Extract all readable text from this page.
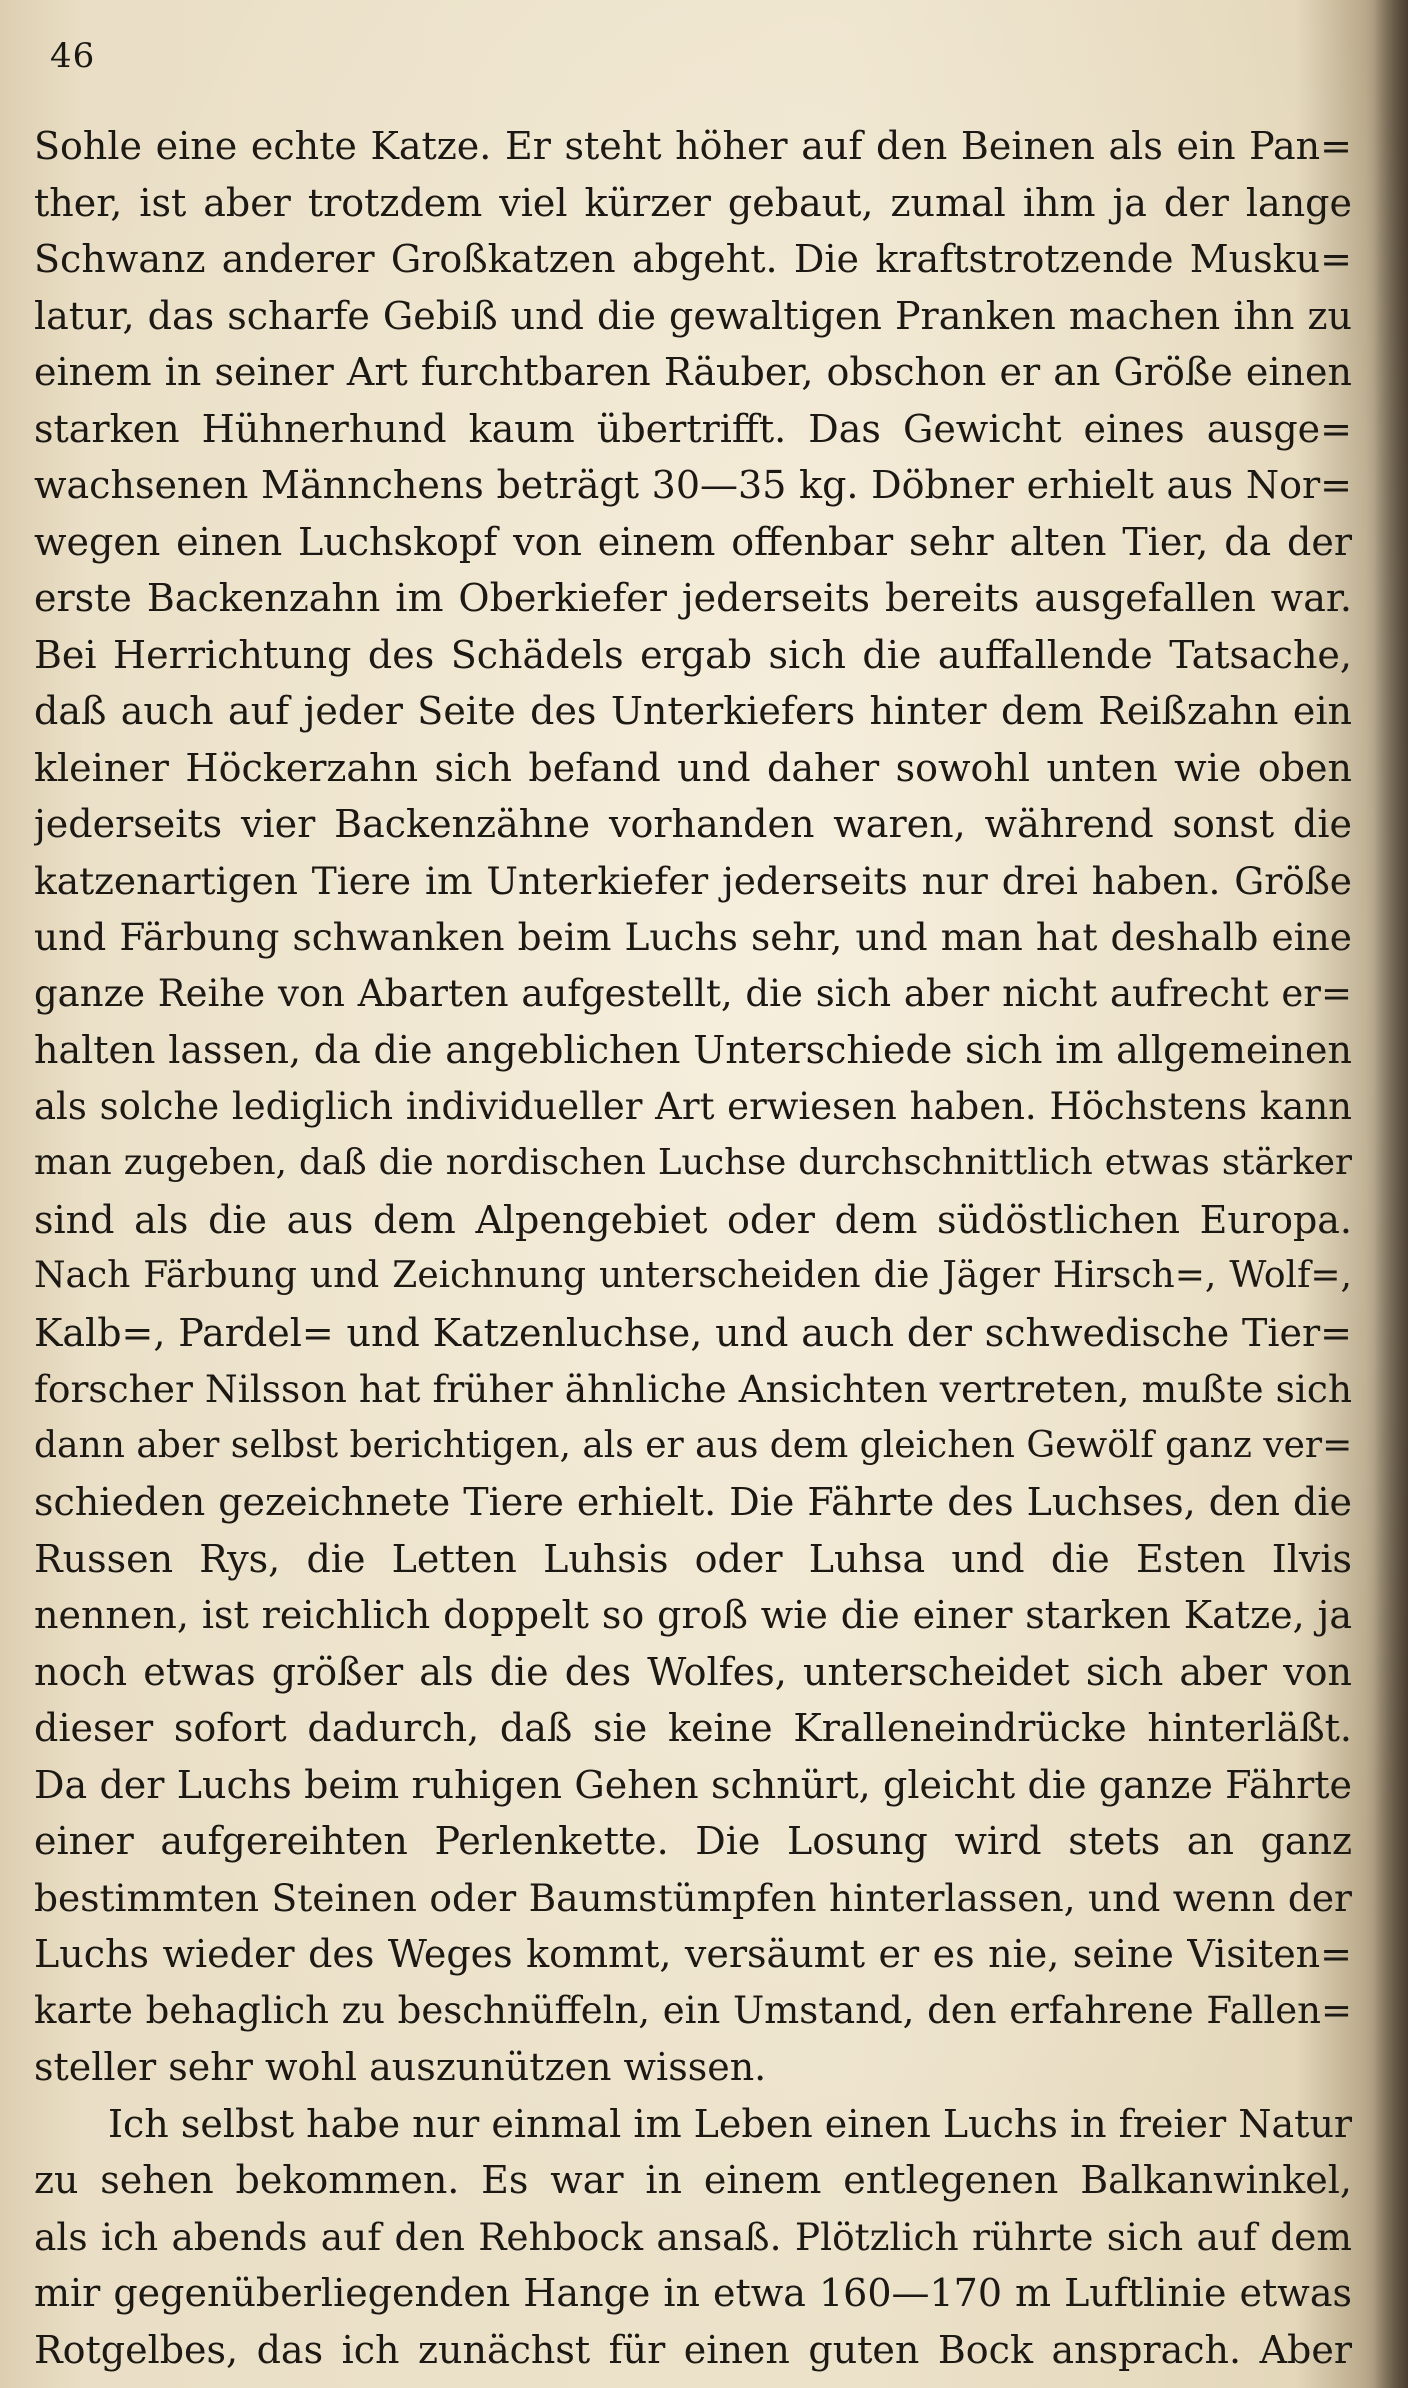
46
Sohle eine echte Katze. Er steht höher auf den Beinen als ein Pan=
ther, ist aber trotzdem viel kürzer gebaut, zumal ihm ja der lange
Schwanz anderer Großkatzen abgeht. Die kraftstrotzende Musku=
latur, das scharfe Gebiß und die gewaltigen Pranken machen ihn zu
einem in seiner Art furchtbaren Räuber, obschon er an Größe einen
starken Hühnerhund kaum übertrifft. Das Gewicht eines ausge=
wachsenen Männchens beträgt 30—35 kg. Döbner erhielt aus Nor=
wegen einen Luchskopf von einem offenbar sehr alten Tier, da der
erste Backenzahn im Oberkiefer jederseits bereits ausgefallen war.
Bei Herrichtung des Schädels ergab sich die auffallende Tatsache,
daß auch auf jeder Seite des Unterkiefers hinter dem Reißzahn ein
kleiner Höckerzahn sich befand und daher sowohl unten wie oben
jederseits vier Backenzähne vorhanden waren, während sonst die
katzenartigen Tiere im Unterkiefer jederseits nur drei haben. Größe
und Färbung schwanken beim Luchs sehr, und man hat deshalb eine
ganze Reihe von Abarten aufgestellt, die sich aber nicht aufrecht er=
halten lassen, da die angeblichen Unterschiede sich im allgemeinen
als solche lediglich individueller Art erwiesen haben. Höchstens kann
man zugeben, daß die nordischen Luchse durchschnittlich etwas stärker
sind als die aus dem Alpengebiet oder dem südöstlichen Europa.
Nach Färbung und Zeichnung unterscheiden die Jäger Hirsch=, Wolf=,
Kalb=, Pardel= und Katzenluchse, und auch der schwedische Tier=
forscher Nilsson hat früher ähnliche Ansichten vertreten, mußte sich
dann aber selbst berichtigen, als er aus dem gleichen Gewölf ganz ver=
schieden gezeichnete Tiere erhielt. Die Fährte des Luchses, den die
Russen Rys, die Letten Luhsis oder Luhsa und die Esten Ilvis
nennen, ist reichlich doppelt so groß wie die einer starken Katze, ja
noch etwas größer als die des Wolfes, unterscheidet sich aber von
dieser sofort dadurch, daß sie keine Kralleneindrücke hinterläßt.
Da der Luchs beim ruhigen Gehen schnürt, gleicht die ganze Fährte
einer aufgereihten Perlenkette. Die Losung wird stets an ganz
bestimmten Steinen oder Baumstümpfen hinterlassen, und wenn der
Luchs wieder des Weges kommt, versäumt er es nie, seine Visiten=
karte behaglich zu beschnüffeln, ein Umstand, den erfahrene Fallen=
steller sehr wohl auszunützen wissen.
Ich selbst habe nur einmal im Leben einen Luchs in freier Natur
zu sehen bekommen. Es war in einem entlegenen Balkanwinkel,
als ich abends auf den Rehbock ansaß. Plötzlich rührte sich auf dem
mir gegenüberliegenden Hange in etwa 160—170 m Luftlinie etwas
Rotgelbes, das ich zunächst für einen guten Bock ansprach. Aber
